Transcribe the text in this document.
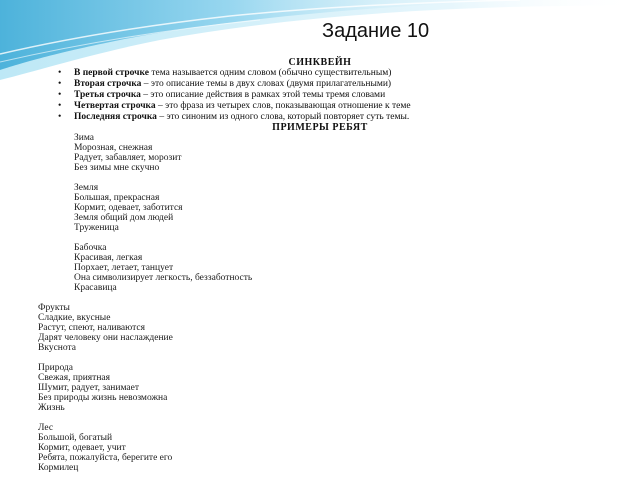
Задание 10
СИНКВЕЙН
• В первой строчке тема называется одним словом (обычно существительным)
• Вторая строчка – это описание темы в двух словах (двумя прилагательными)
• Третья строчка – это описание действия в рамках этой темы тремя словами
• Четвертая строчка – это фраза из четырех слов, показывающая отношение к теме
• Последняя строчка – это синоним из одного слова, который повторяет суть темы.
ПРИМЕРЫ РЕБЯТ
Зима
Морозная, снежная
Радует, забавляет, морозит
Без зимы мне скучно
Земля
Большая, прекрасная
Кормит, одевает, заботится
Земля общий дом людей
Труженица
Бабочка
Красивая, легкая
Порхает, летает, танцует
Она символизирует легкость, беззаботность
Красавица
Фрукты
Сладкие, вкусные
Растут, спеют, наливаются
Дарят человеку они наслаждение
Вкуснота
Природа
Свежая, приятная
Шумит, радует, занимает
Без природы жизнь невозможна
Жизнь
Лес
Большой, богатый
Кормит, одевает, учит
Ребята, пожалуйста, берегите его
Кормилец
